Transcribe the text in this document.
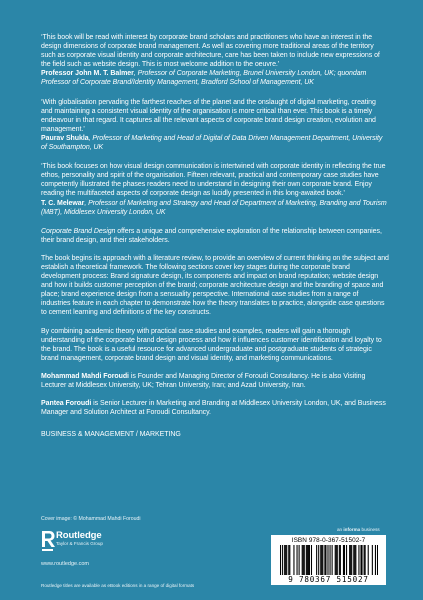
‘This book will be read with interest by corporate brand scholars and practitioners who have an interest in the design dimensions of corporate brand management. As well as covering more traditional areas of the territory such as corporate visual identity and corporate architecture, care has been taken to include new expressions of the field such as website design. This is most welcome addition to the oeuvre.’

Professor John M. T. Balmer, Professor of Corporate Marketing, Brunel University London, UK; quondam Professor of Corporate Brand/Identity Management, Bradford School of Management, UK

‘With globalisation pervading the farthest reaches of the planet and the onslaught of digital marketing, creating and maintaining a consistent visual identity of the organisation is more critical than ever. This book is a timely endeavour in that regard. It captures all the relevant aspects of corporate brand design creation, evolution and management.’

Paurav Shukla, Professor of Marketing and Head of Digital of Data Driven Management Department, University of Southampton, UK

‘This book focuses on how visual design communication is intertwined with corporate identity in reflecting the true ethos, personality and spirit of the organisation. Fifteen relevant, practical and contemporary case studies have competently illustrated the phases readers need to understand in designing their own corporate brand. Enjoy reading the multifaceted aspects of corporate design as lucidly presented in this long-awaited book.’

T. C. Melewar, Professor of Marketing and Strategy and Head of Department of Marketing, Branding and Tourism (MBT), Middlesex University London, UK

Corporate Brand Design offers a unique and comprehensive exploration of the relationship between companies, their brand design, and their stakeholders.

The book begins its approach with a literature review, to provide an overview of current thinking on the subject and establish a theoretical framework. The following sections cover key stages during the corporate brand development process: Brand signature design, its components and impact on brand reputation; website design and how it builds customer perception of the brand; corporate architecture design and the branding of space and place; brand experience design from a sensuality perspective. International case studies from a range of industries feature in each chapter to demonstrate how the theory translates to practice, alongside case questions to cement learning and definitions of the key constructs.

By combining academic theory with practical case studies and examples, readers will gain a thorough understanding of the corporate brand design process and how it influences customer identification and loyalty to the brand. The book is a useful resource for advanced undergraduate and postgraduate students of strategic brand management, corporate brand design and visual identity, and marketing communications.

Mohammad Mahdi Foroudi is Founder and Managing Director of Foroudi Consultancy. He is also Visiting Lecturer at Middlesex University, UK; Tehran University, Iran; and Azad University, Iran.

Pantea Foroudi is Senior Lecturer in Marketing and Branding at Middlesex University London, UK, and Business Manager and Solution Architect at Foroudi Consultancy.

BUSINESS & MANAGEMENT / MARKETING

Cover image: © Mohammad Mahdi Foroudi
Routledge
Taylor & Francis Group
www.routledge.com
an informa business
ISBN 978-0-367-51502-7
9 780367 515027
Routledge titles are available as eBook editions in a range of digital formats
